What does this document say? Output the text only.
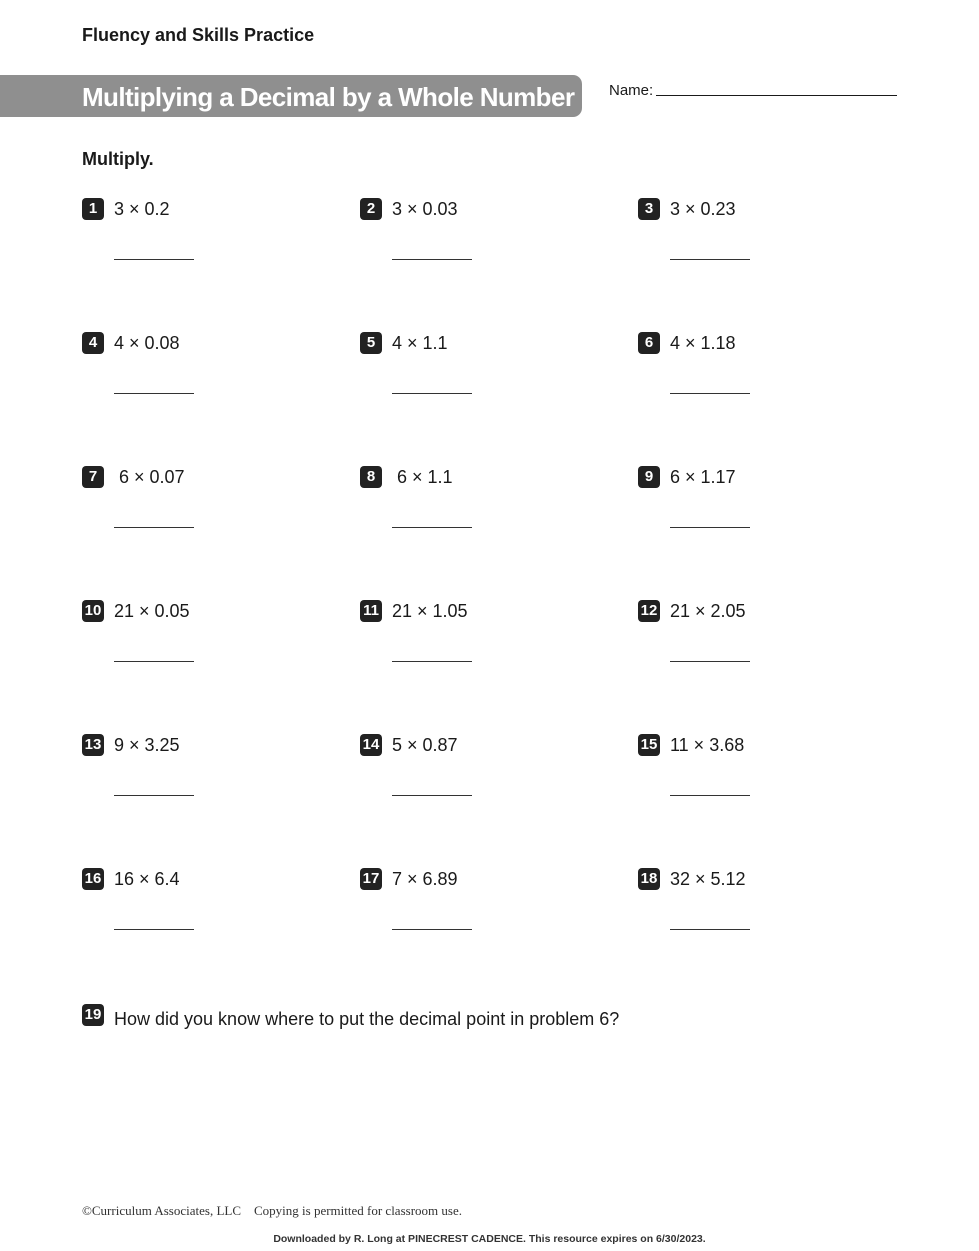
Fluency and Skills Practice
Multiplying a Decimal by a Whole Number Name:
Multiply.
1 3 × 0.2	2 3 × 0.03	3 3 × 0.23
4 4 × 0.08	5 4 × 1.1	6 4 × 1.18
7 6 × 0.07	8 6 × 1.1	9 6 × 1.17
10 21 × 0.05	11 21 × 1.05	12 21 × 2.05
13 9 × 3.25	14 5 × 0.87	15 11 × 3.68
16 16 × 6.4	17 7 × 6.89	18 32 × 5.12
19 How did you know where to put the decimal point in problem 6?
©Curriculum Associates, LLC    Copying is permitted for classroom use.
Downloaded by R. Long at PINECREST CADENCE. This resource expires on 6/30/2023.
